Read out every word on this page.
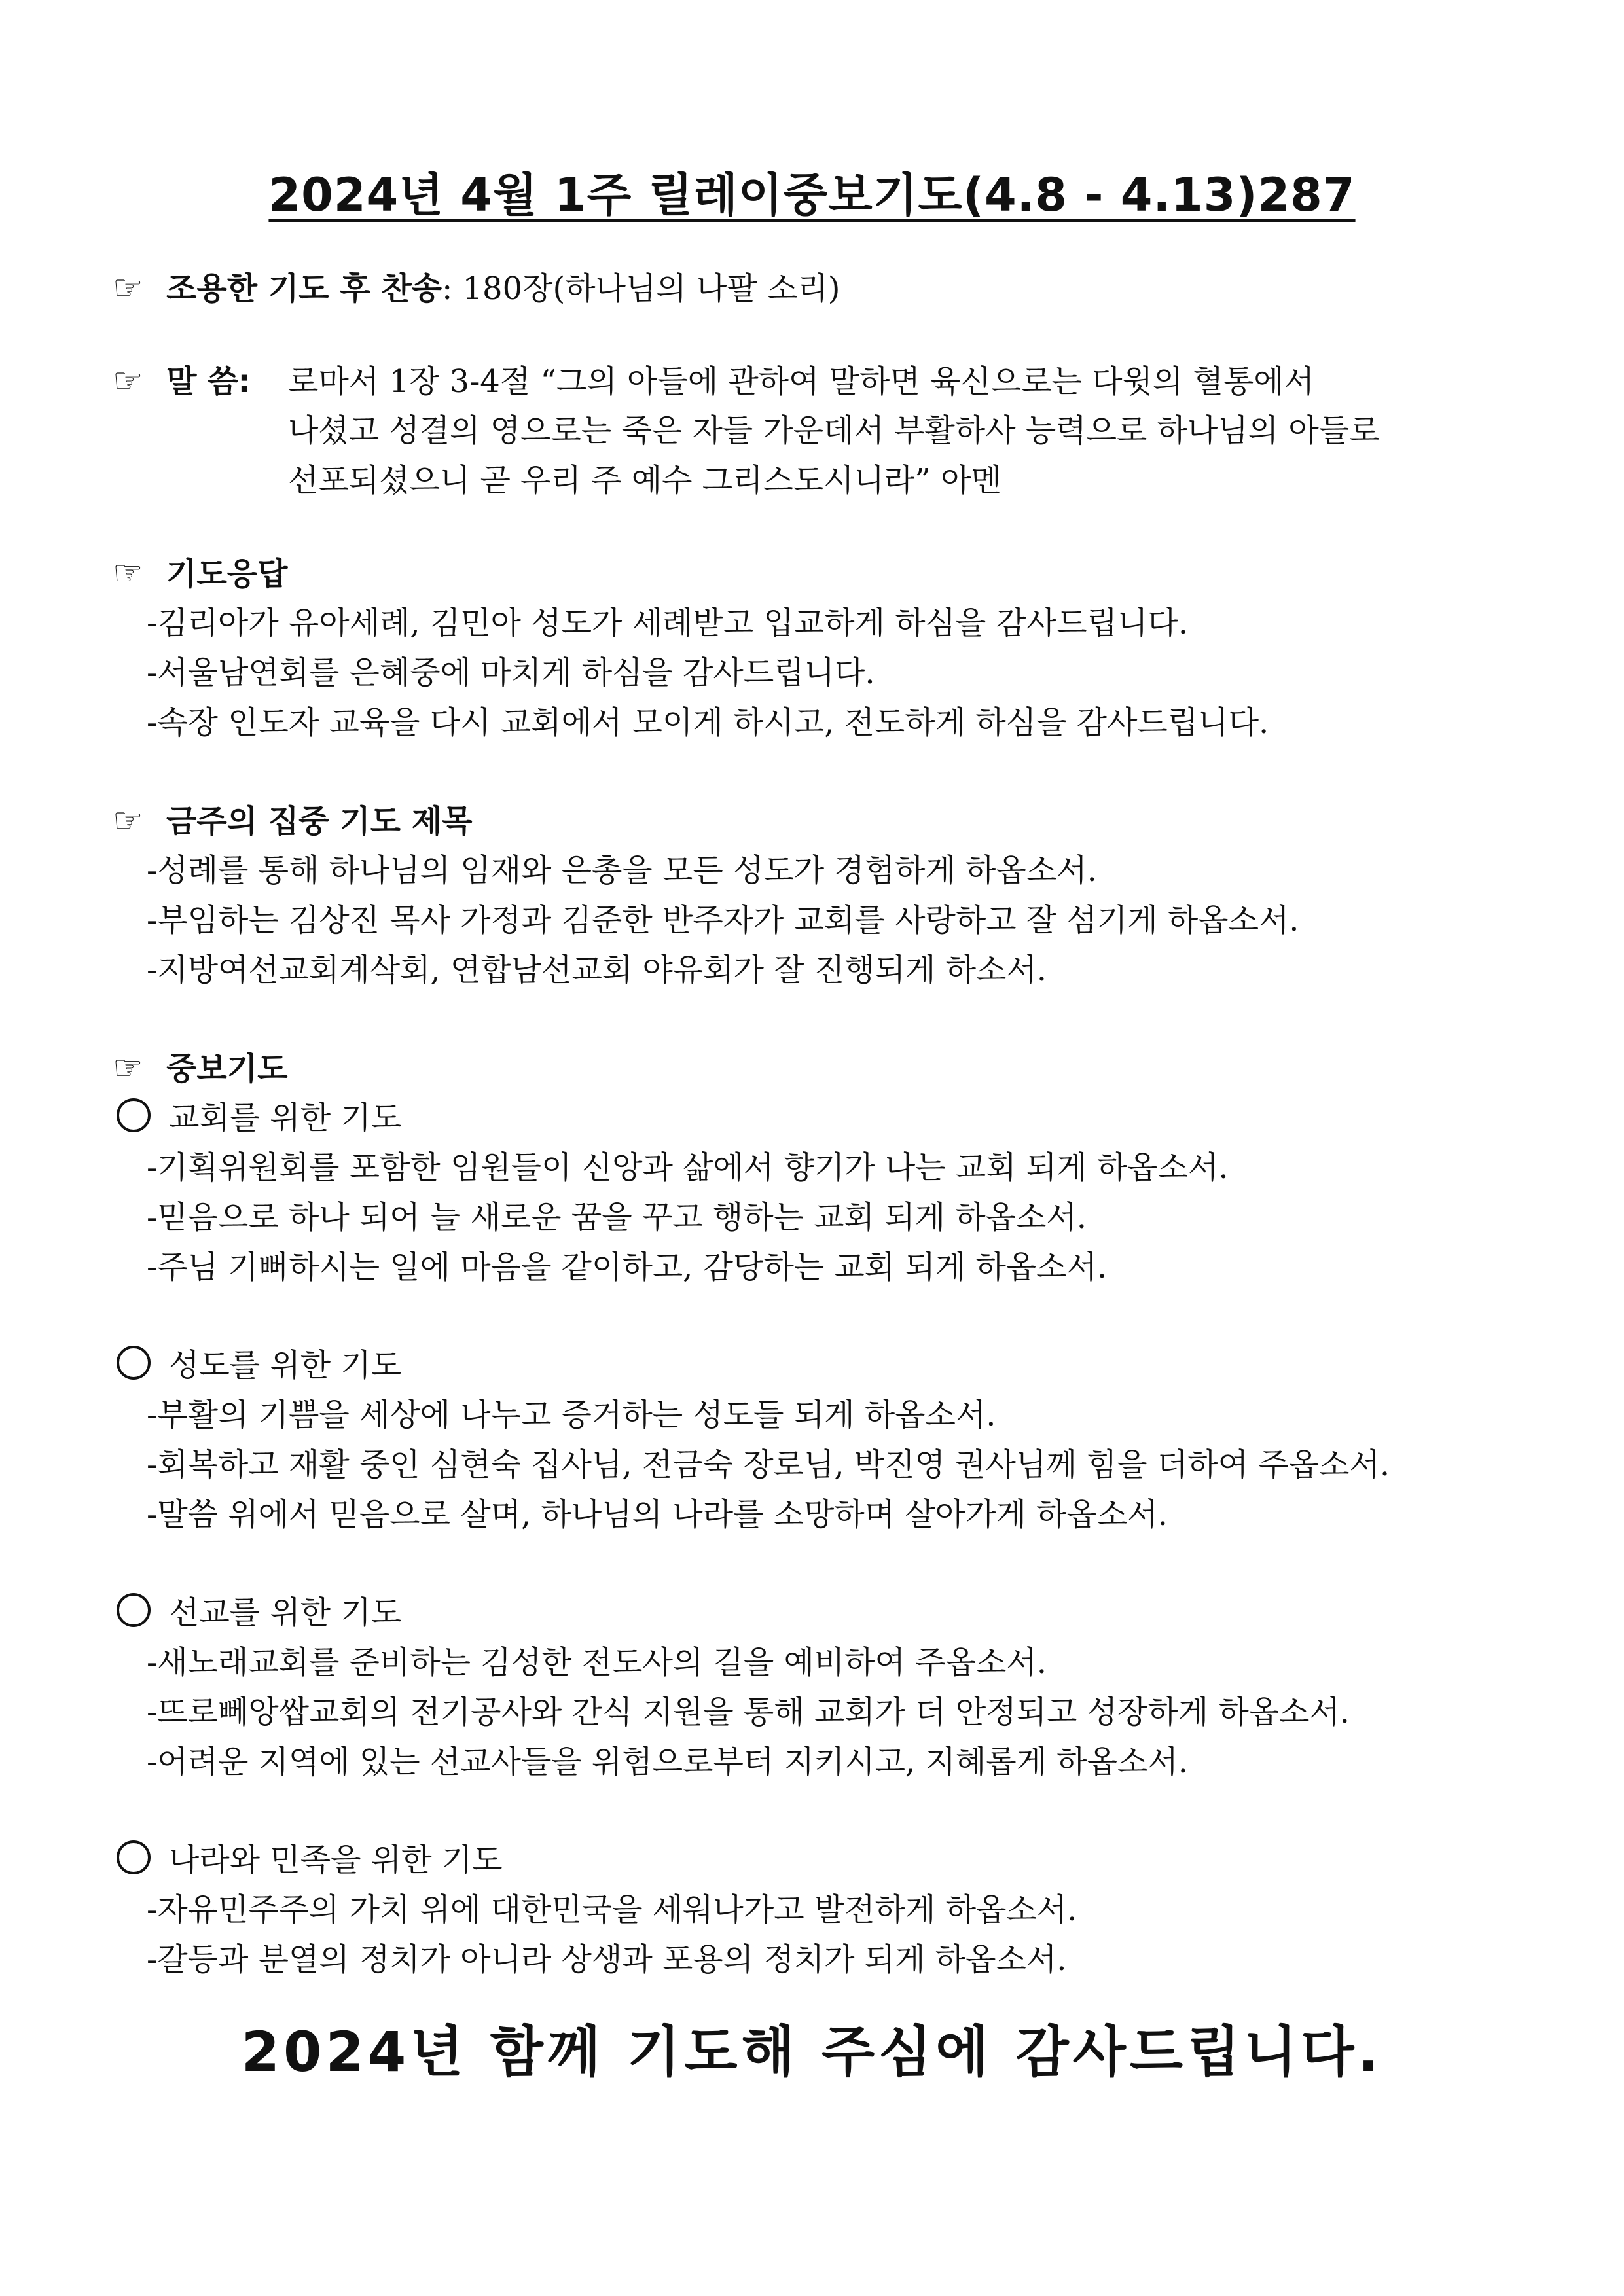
2024년 4월 1주 릴레이중보기도(4.8 - 4.13)287
☞ 조용한 기도 후 찬송: 180장(하나님의 나팔 소리)
☞ 말 씀: 로마서 1장 3-4절 “그의 아들에 관하여 말하면 육신으로는 다윗의 혈통에서
나셨고 성결의 영으로는 죽은 자들 가운데서 부활하사 능력으로 하나님의 아들로
선포되셨으니 곧 우리 주 예수 그리스도시니라” 아멘
☞ 기도응답
-김리아가 유아세례, 김민아 성도가 세례받고 입교하게 하심을 감사드립니다.
-서울남연회를 은혜중에 마치게 하심을 감사드립니다.
-속장 인도자 교육을 다시 교회에서 모이게 하시고, 전도하게 하심을 감사드립니다.
☞ 금주의 집중 기도 제목
-성례를 통해 하나님의 임재와 은총을 모든 성도가 경험하게 하옵소서.
-부임하는 김상진 목사 가정과 김준한 반주자가 교회를 사랑하고 잘 섬기게 하옵소서.
-지방여선교회계삭회, 연합남선교회 야유회가 잘 진행되게 하소서.
☞ 중보기도
교회를 위한 기도
-기획위원회를 포함한 임원들이 신앙과 삶에서 향기가 나는 교회 되게 하옵소서.
-믿음으로 하나 되어 늘 새로운 꿈을 꾸고 행하는 교회 되게 하옵소서.
-주님 기뻐하시는 일에 마음을 같이하고, 감당하는 교회 되게 하옵소서.
성도를 위한 기도
-부활의 기쁨을 세상에 나누고 증거하는 성도들 되게 하옵소서.
-회복하고 재활 중인 심현숙 집사님, 전금숙 장로님, 박진영 권사님께 힘을 더하여 주옵소서.
-말씀 위에서 믿음으로 살며, 하나님의 나라를 소망하며 살아가게 하옵소서.
선교를 위한 기도
-새노래교회를 준비하는 김성한 전도사의 길을 예비하여 주옵소서.
-뜨로뻬앙쌉교회의 전기공사와 간식 지원을 통해 교회가 더 안정되고 성장하게 하옵소서.
-어려운 지역에 있는 선교사들을 위험으로부터 지키시고, 지혜롭게 하옵소서.
나라와 민족을 위한 기도
-자유민주주의 가치 위에 대한민국을 세워나가고 발전하게 하옵소서.
-갈등과 분열의 정치가 아니라 상생과 포용의 정치가 되게 하옵소서.
2024년 함께 기도해 주심에 감사드립니다.
